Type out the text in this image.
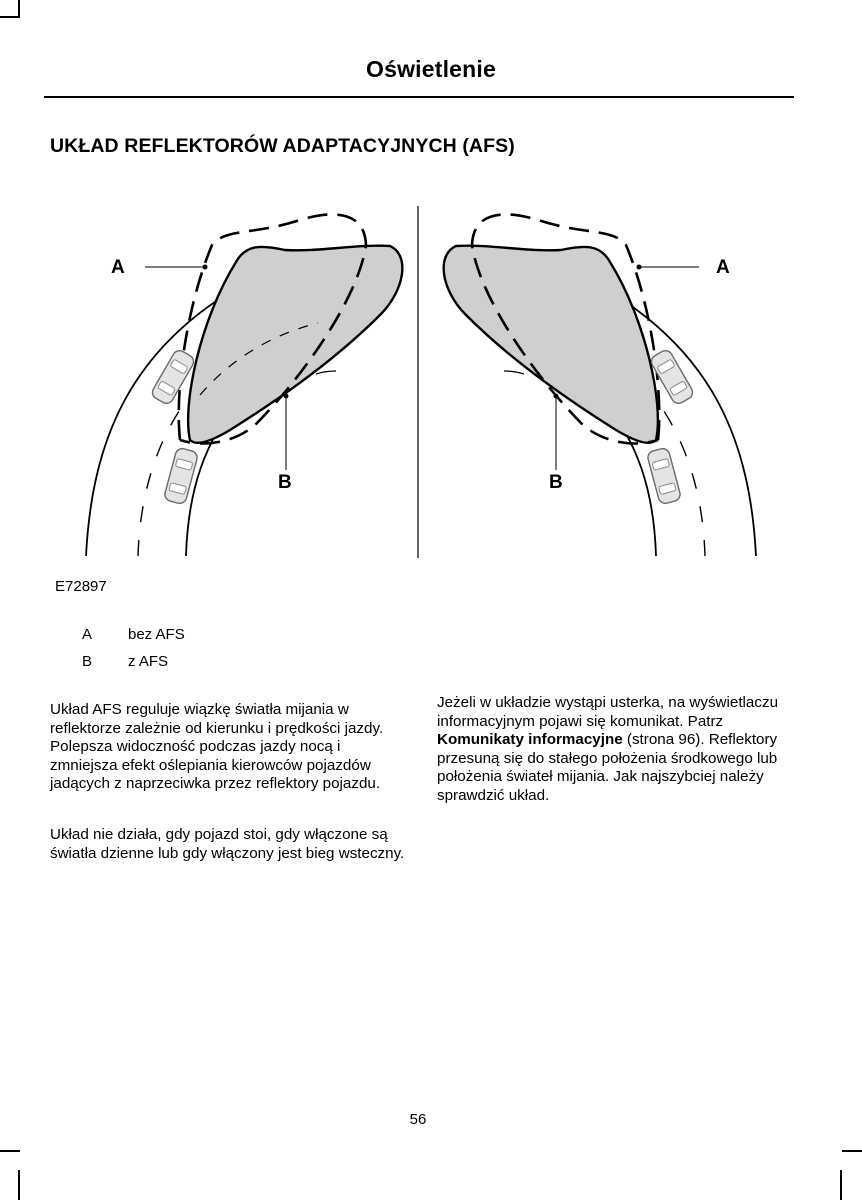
Oświetlenie
UKŁAD REFLEKTORÓW ADAPTACYJNYCH (AFS)
A
B
A
B
E72897
A bez AFS
B z AFS

Układ AFS reguluje wiązkę światła mijania w reflektorze zależnie od kierunku i prędkości jazdy. Polepsza widoczność podczas jazdy nocą i zmniejsza efekt oślepiania kierowców pojazdów jadących z naprzeciwka przez reflektory pojazdu.

Układ nie działa, gdy pojazd stoi, gdy włączone są światła dzienne lub gdy włączony jest bieg wsteczny.

Jeżeli w układzie wystąpi usterka, na wyświetlaczu informacyjnym pojawi się komunikat. Patrz Komunikaty informacyjne (strona 96). Reflektory przesuną się do stałego położenia środkowego lub położenia świateł mijania. Jak najszybciej należy sprawdzić układ.

56
